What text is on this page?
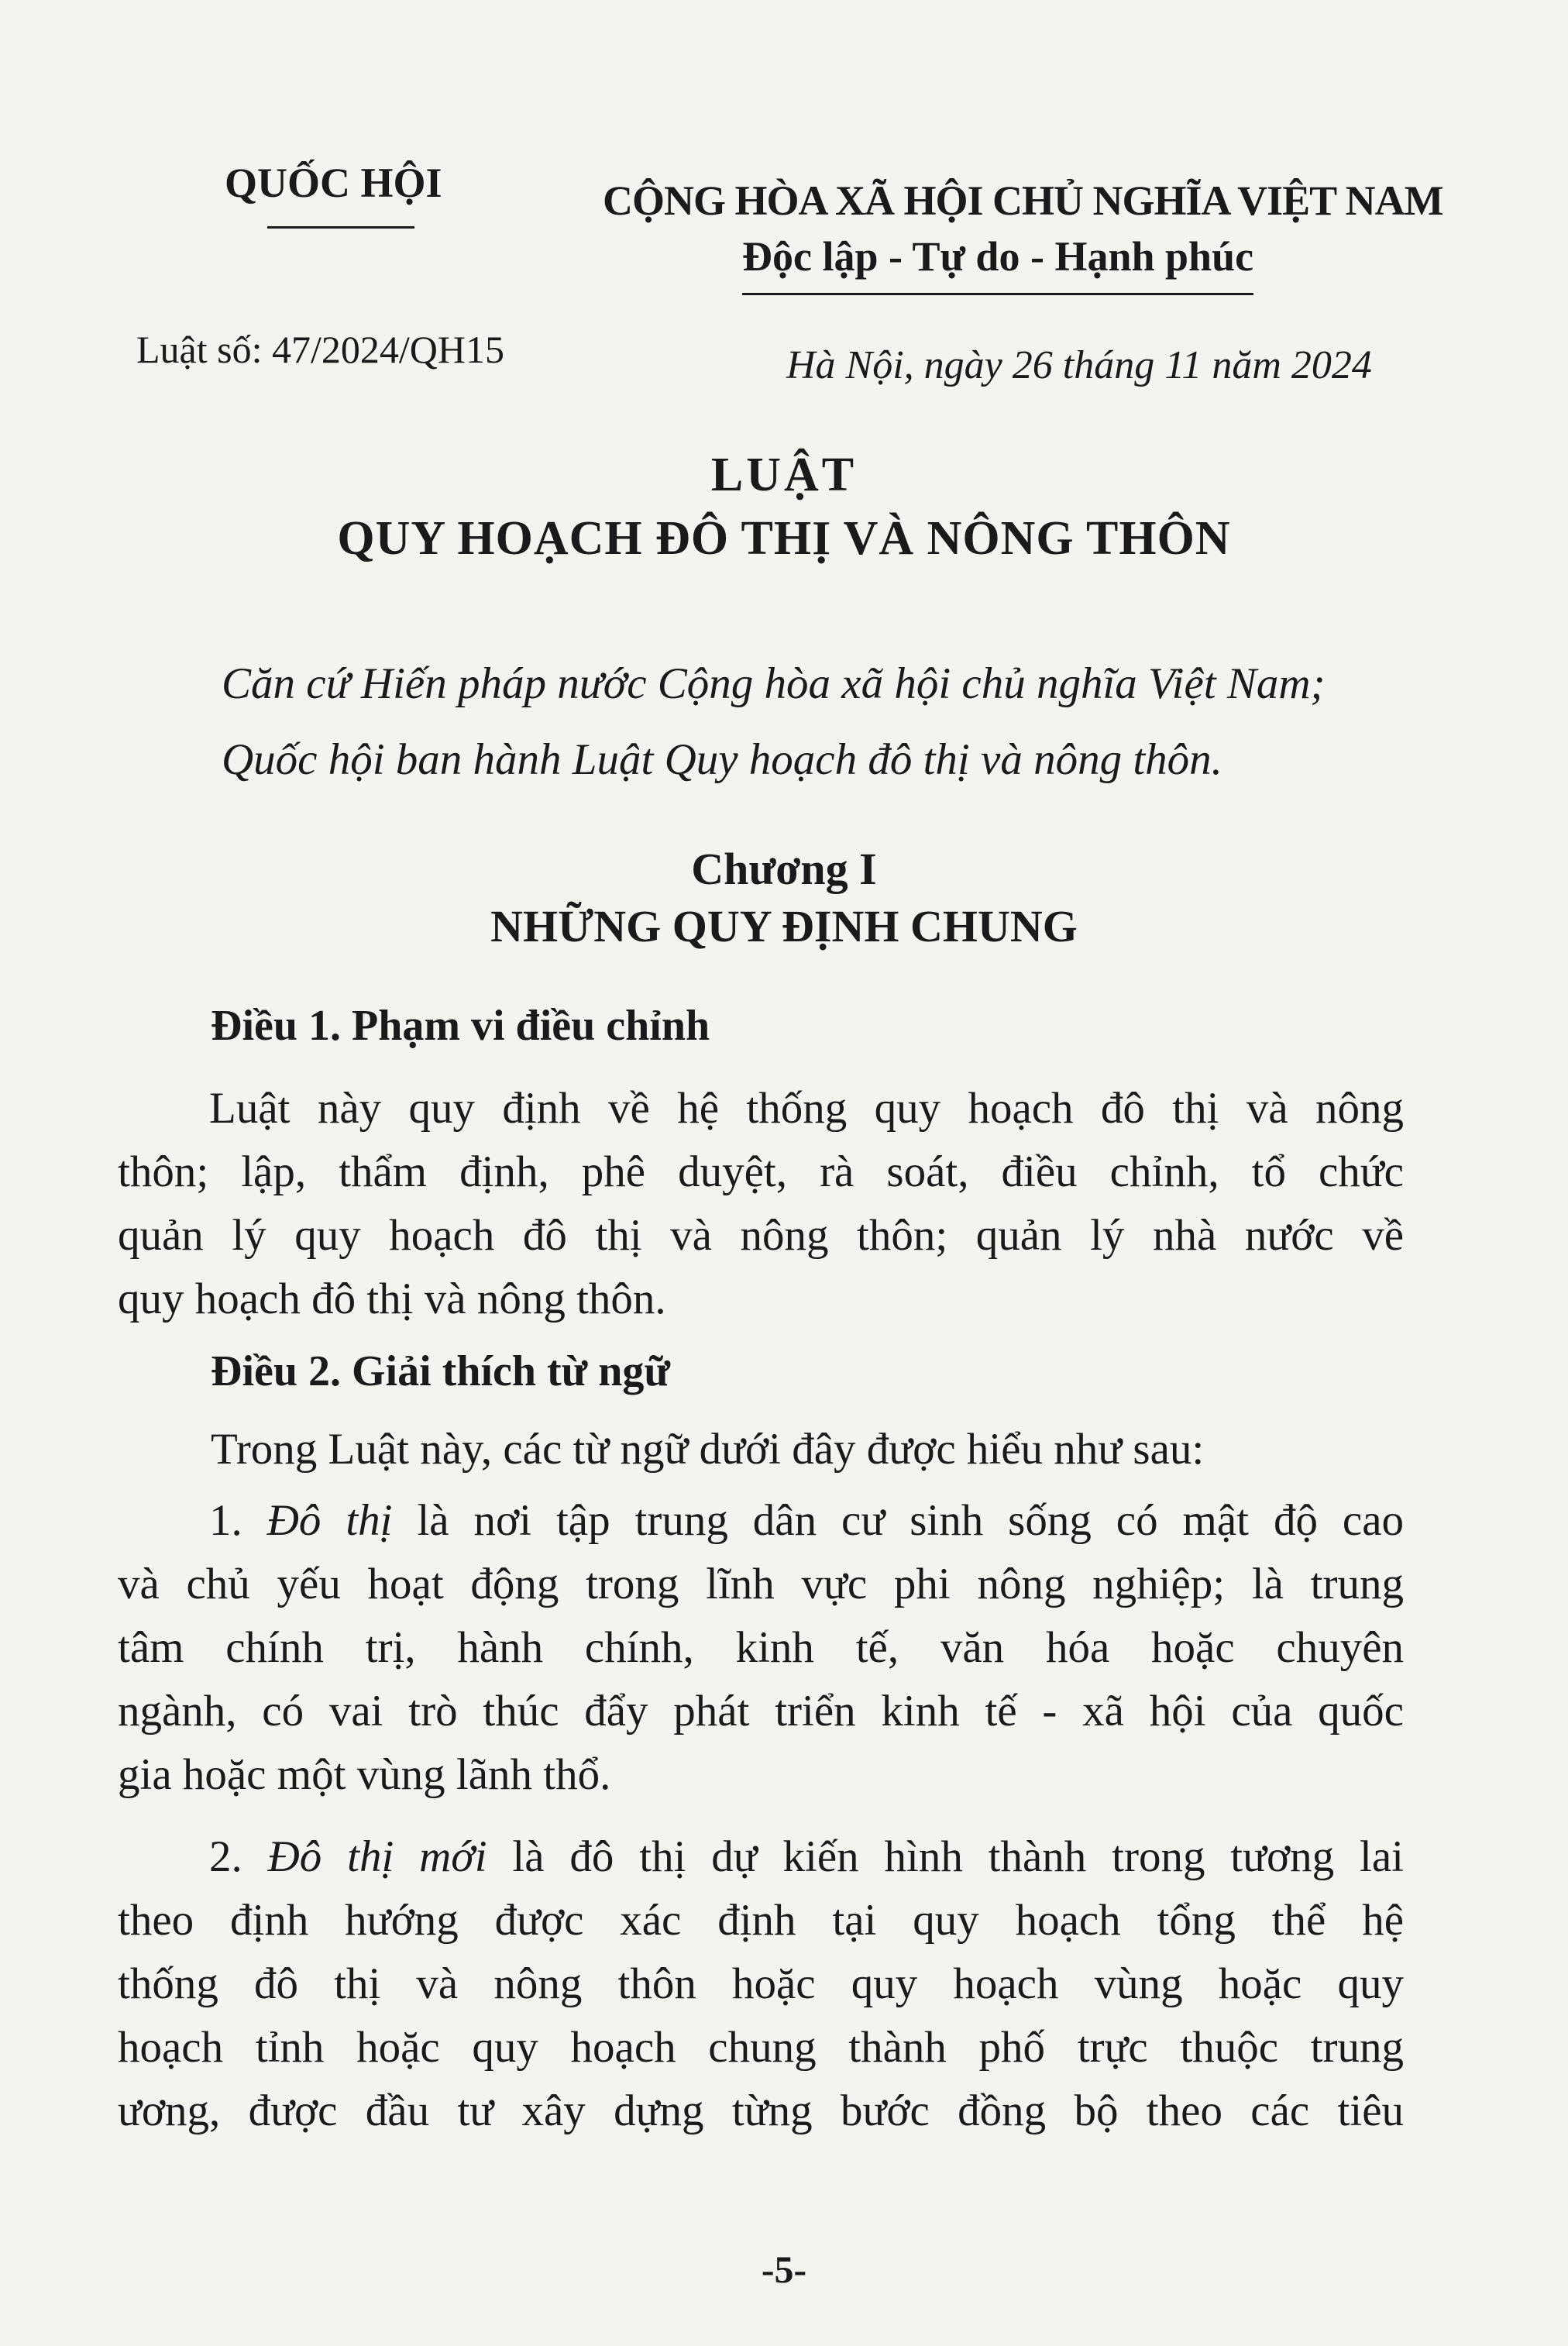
QUỐC HỘI	CỘNG HÒA XÃ HỘI CHỦ NGHĨA VIỆT NAM
Độc lập - Tự do - Hạnh phúc
Luật số: 47/2024/QH15	Hà Nội, ngày 26 tháng 11 năm 2024
LUẬT
QUY HOẠCH ĐÔ THỊ VÀ NÔNG THÔN
Căn cứ Hiến pháp nước Cộng hòa xã hội chủ nghĩa Việt Nam;
Quốc hội ban hành Luật Quy hoạch đô thị và nông thôn.
Chương I
NHỮNG QUY ĐỊNH CHUNG
Điều 1. Phạm vi điều chỉnh
Luật này quy định về hệ thống quy hoạch đô thị và nông
thôn; lập, thẩm định, phê duyệt, rà soát, điều chỉnh, tổ chức
quản lý quy hoạch đô thị và nông thôn; quản lý nhà nước về
quy hoạch đô thị và nông thôn.
Điều 2. Giải thích từ ngữ
Trong Luật này, các từ ngữ dưới đây được hiểu như sau:
1. Đô thị là nơi tập trung dân cư sinh sống có mật độ cao
và chủ yếu hoạt động trong lĩnh vực phi nông nghiệp; là trung
tâm chính trị, hành chính, kinh tế, văn hóa hoặc chuyên
ngành, có vai trò thúc đẩy phát triển kinh tế - xã hội của quốc
gia hoặc một vùng lãnh thổ.
2. Đô thị mới là đô thị dự kiến hình thành trong tương lai
theo định hướng được xác định tại quy hoạch tổng thể hệ
thống đô thị và nông thôn hoặc quy hoạch vùng hoặc quy
hoạch tỉnh hoặc quy hoạch chung thành phố trực thuộc trung
ương, được đầu tư xây dựng từng bước đồng bộ theo các tiêu
-5-
